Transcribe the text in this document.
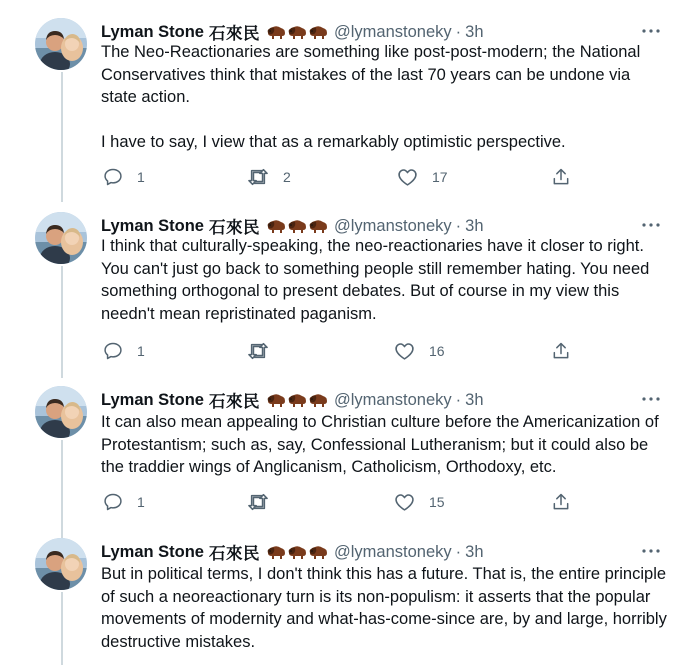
Lyman Stone 石來民	@lymanstoneky · 3h

The Neo-Reactionaries are something like post-post-modern; the National Conservatives think that mistakes of the last 70 years can be undone via state action.

I have to say, I view that as a remarkably optimistic perspective.

1	2	17
Lyman Stone 石來民	@lymanstoneky · 3h

I think that culturally-speaking, the neo-reactionaries have it closer to right. You can't just go back to something people still remember hating. You need something orthogonal to present debates. But of course in my view this needn't mean repristinated paganism.

1	16
Lyman Stone 石來民	@lymanstoneky · 3h

It can also mean appealing to Christian culture before the Americanization of Protestantism; such as, say, Confessional Lutheranism; but it could also be the traddier wings of Anglicanism, Catholicism, Orthodoxy, etc.

1	15
Lyman Stone 石來民	@lymanstoneky · 3h

But in political terms, I don't think this has a future. That is, the entire principle of such a neoreactionary turn is its non-populism: it asserts that the popular movements of modernity and what-has-come-since are, by and large, horribly destructive mistakes.
